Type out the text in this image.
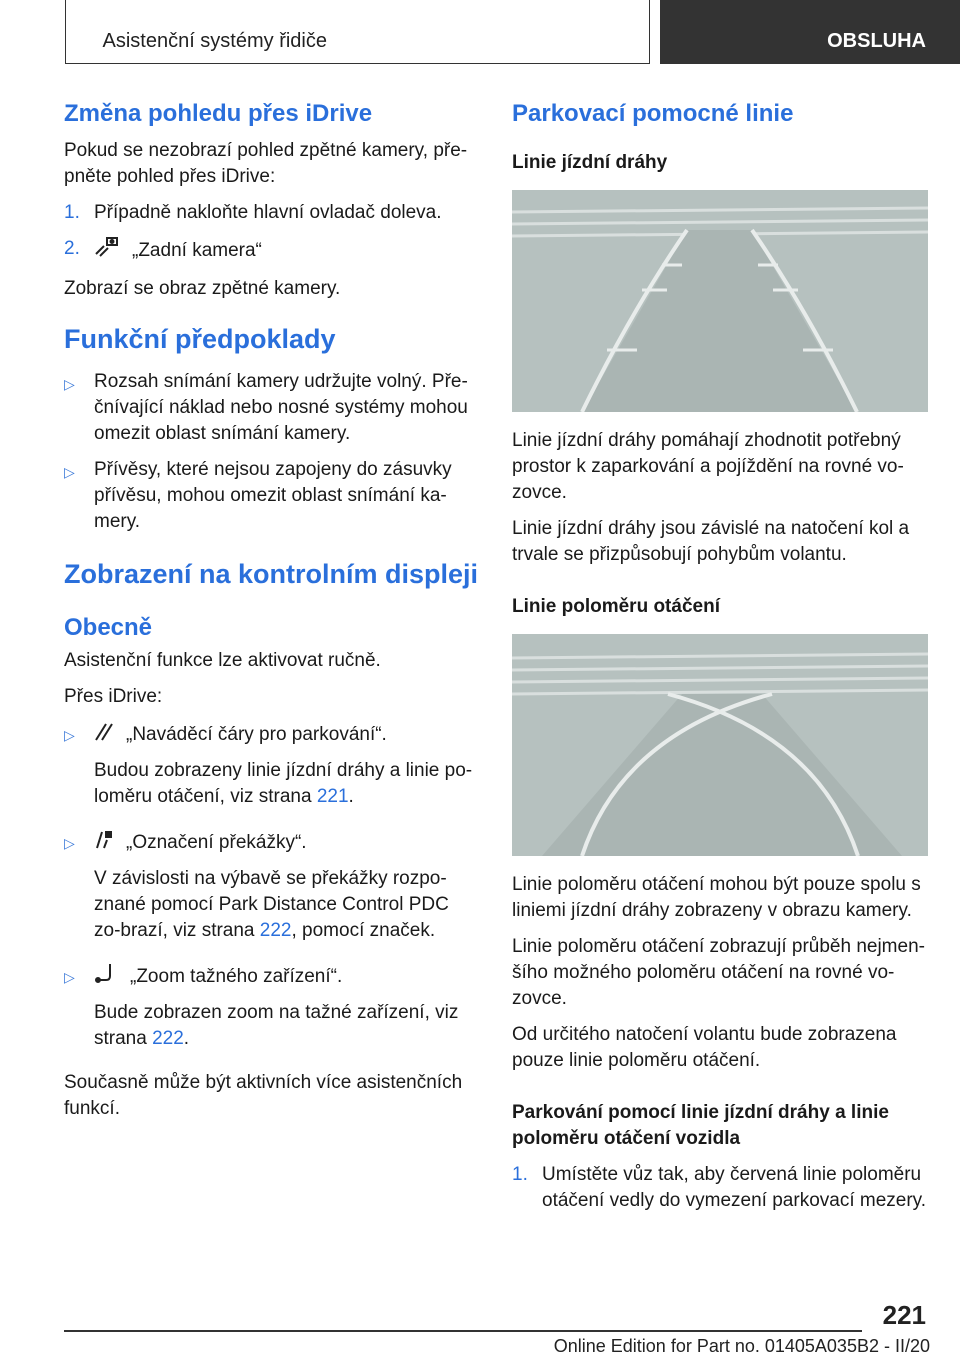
Asistenční systémy řidiče	OBSLUHA
Změna pohledu přes iDrive

Pokud se nezobrazí pohled zpětné kamery, pře-pněte pohled přes iDrive:

1. Případně nakloňte hlavní ovladač doleva.
2.	„Zadní kamera“

Zobrazí se obraz zpětné kamery.

Funkční předpoklady
▷	Rozsah snímání kamery udržujte volný. Pře-čnívající náklad nebo nosné systémy mohou omezit oblast snímání kamery.
▷	Přívěsy, které nejsou zapojeny do zásuvky přívěsu, mohou omezit oblast snímání ka-mery.
Zobrazení na kontrolním displeji
Obecně

Asistenční funkce lze aktivovat ručně.

Přes iDrive:

▷	„Naváděcí čáry pro parkování“.

Budou zobrazeny linie jízdní dráhy a linie po-loměru otáčení, viz strana 221.

▷	„Označení překážky“.

V závislosti na výbavě se překážky rozpo-znané pomocí Park Distance Control PDC zo-brazí, viz strana 222, pomocí značek.

▷	„Zoom tažného zařízení“.

Bude zobrazen zoom na tažné zařízení, viz strana 222.

Současně může být aktivních více asistenčních funkcí.

Parkovací pomocné linie
Linie jízdní dráhy

Linie jízdní dráhy pomáhají zhodnotit potřebný prostor k zaparkování a pojíždění na rovné vo-zovce.

Linie jízdní dráhy jsou závislé na natočení kol a trvale se přizpůsobují pohybům volantu.

Linie poloměru otáčení

Linie poloměru otáčení mohou být pouze spolu s liniemi jízdní dráhy zobrazeny v obrazu kamery.

Linie poloměru otáčení zobrazují průběh nejmen-šího možného poloměru otáčení na rovné vo-zovce.

Od určitého natočení volantu bude zobrazena pouze linie poloměru otáčení.

Parkování pomocí linie jízdní dráhy a linie poloměru otáčení vozidla
1. Umístěte vůz tak, aby červená linie poloměru otáčení vedly do vymezení parkovací mezery.
221
Online Edition for Part no. 01405A035B2 - II/20
